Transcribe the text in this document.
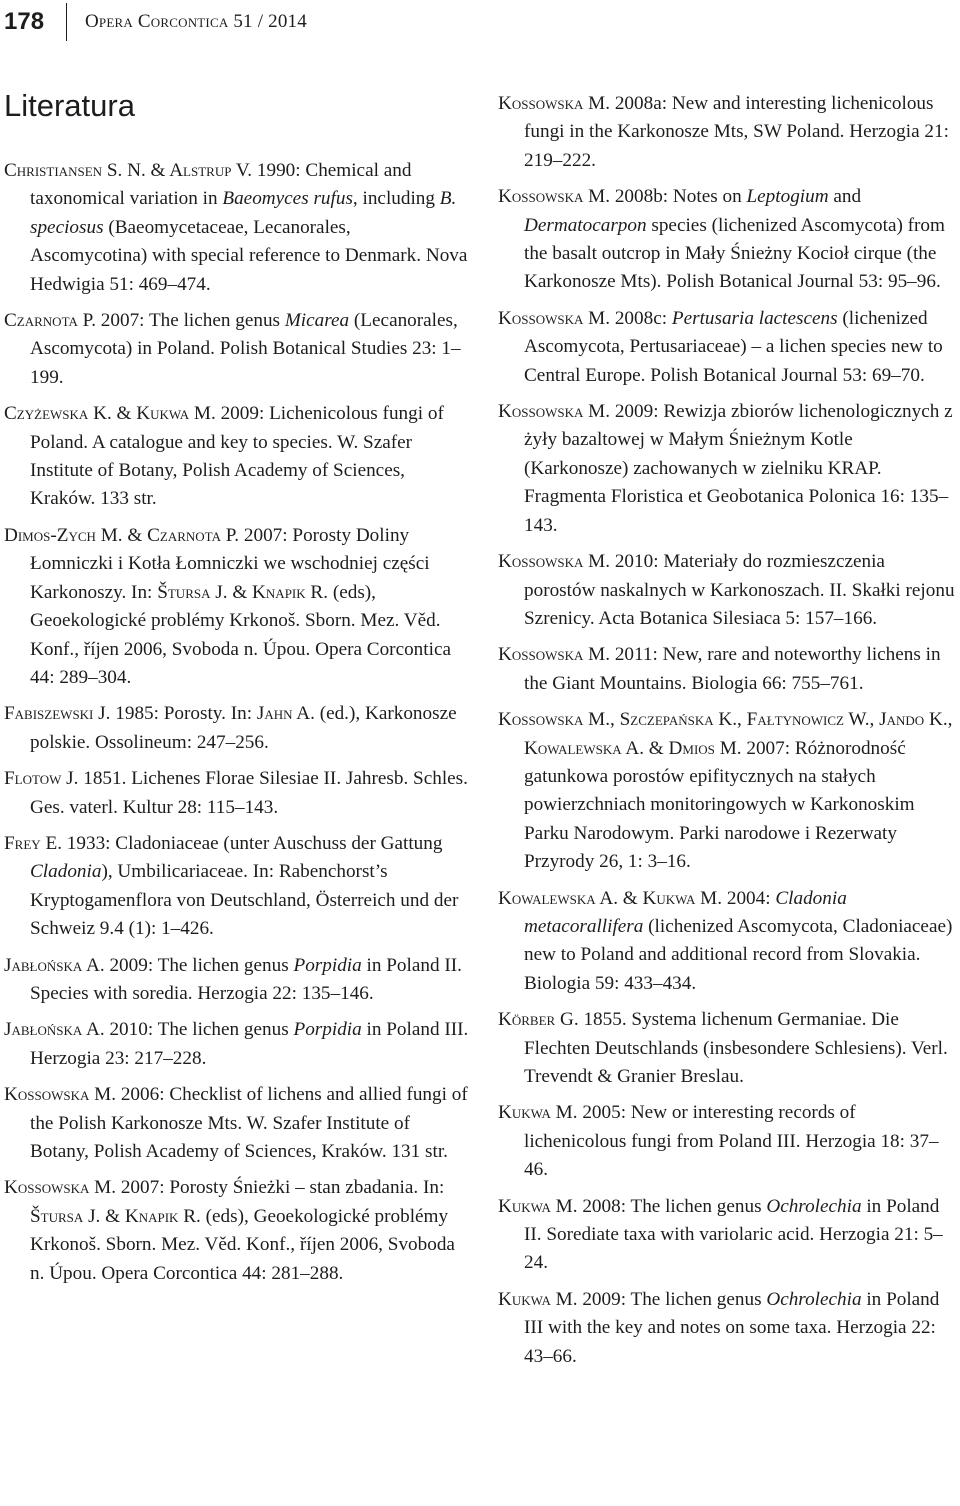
178	Opera Corcontica 51 / 2014
Literatura

Christiansen S. N. & Alstrup V. 1990: Chemical and taxonomical variation in Baeomyces rufus, including B. speciosus (Baeomycetaceae, Lecanorales, Ascomycotina) with special reference to Denmark. Nova Hedwigia 51: 469–474.

Czarnota P. 2007: The lichen genus Micarea (Lecanorales, Ascomycota) in Poland. Polish Botanical Studies 23: 1–199.

Czyżewska K. & Kukwa M. 2009: Lichenicolous fungi of Poland. A catalogue and key to species. W. Szafer Institute of Botany, Polish Academy of Sciences, Kraków. 133 str.

Dimos-Zych M. & Czarnota P. 2007: Porosty Doliny Łomniczki i Kotła Łomniczki we wschodniej części Karkonoszy. In: Štursa J. & Knapik R. (eds), Geoekologické problémy Krkonoš. Sborn. Mez. Věd. Konf., říjen 2006, Svoboda n. Úpou. Opera Corcontica 44: 289–304.

Fabiszewski J. 1985: Porosty. In: Jahn A. (ed.), Karkonosze polskie. Ossolineum: 247–256.

Flotow J. 1851. Lichenes Florae Silesiae II. Jahresb. Schles. Ges. vaterl. Kultur 28: 115–143.

Frey E. 1933: Cladoniaceae (unter Auschuss der Gattung Cladonia), Umbilicariaceae. In: Rabenchorst’s Kryptogamenflora von Deutschland, Österreich und der Schweiz 9.4 (1): 1–426.

Jabłońska A. 2009: The lichen genus Porpidia in Poland II. Species with soredia. Herzogia 22: 135–146.

Jabłońska A. 2010: The lichen genus Porpidia in Poland III. Herzogia 23: 217–228.

Kossowska M. 2006: Checklist of lichens and allied fungi of the Polish Karkonosze Mts. W. Szafer Institute of Botany, Polish Academy of Sciences, Kraków. 131 str.

Kossowska M. 2007: Porosty Śnieżki – stan zbadania. In: Štursa J. & Knapik R. (eds), Geoekologické problémy Krkonoš. Sborn. Mez. Věd. Konf., říjen 2006, Svoboda n. Úpou. Opera Corcontica 44: 281–288.

Kossowska M. 2008a: New and interesting lichenicolous fungi in the Karkonosze Mts, SW Poland. Herzogia 21: 219–222.

Kossowska M. 2008b: Notes on Leptogium and Dermatocarpon species (lichenized Ascomycota) from the basalt outcrop in Mały Śnieżny Kocioł cirque (the Karkonosze Mts). Polish Botanical Journal 53: 95–96.

Kossowska M. 2008c: Pertusaria lactescens (lichenized Ascomycota, Pertusariaceae) – a lichen species new to Central Europe. Polish Botanical Journal 53: 69–70.

Kossowska M. 2009: Rewizja zbiorów lichenologicznych z żyły bazaltowej w Małym Śnieżnym Kotle (Karkonosze) zachowanych w zielniku KRAP. Fragmenta Floristica et Geobotanica Polonica 16: 135–143.

Kossowska M. 2010: Materiały do rozmieszczenia porostów naskalnych w Karkonoszach. II. Skałki rejonu Szrenicy. Acta Botanica Silesiaca 5: 157–166.

Kossowska M. 2011: New, rare and noteworthy lichens in the Giant Mountains. Biologia 66: 755–761.

Kossowska M., Szczepańska K., Fałtynowicz W., Jando K., Kowalewska A. & Dmios M. 2007: Różnorodność gatunkowa porostów epifitycznych na stałych powierzchniach monitoringowych w Karkonoskim Parku Narodowym. Parki narodowe i Rezerwaty Przyrody 26, 1: 3–16.

Kowalewska A. & Kukwa M. 2004: Cladonia metacorallifera (lichenized Ascomycota, Cladoniaceae) new to Poland and additional record from Slovakia. Biologia 59: 433–434.

Körber G. 1855. Systema lichenum Germaniae. Die Flechten Deutschlands (insbesondere Schlesiens). Verl. Trevendt & Granier Breslau.

Kukwa M. 2005: New or interesting records of lichenicolous fungi from Poland III. Herzogia 18: 37–46.

Kukwa M. 2008: The lichen genus Ochrolechia in Poland II. Sorediate taxa with variolaric acid. Herzogia 21: 5–24.

Kukwa M. 2009: The lichen genus Ochrolechia in Poland III with the key and notes on some taxa. Herzogia 22: 43–66.
